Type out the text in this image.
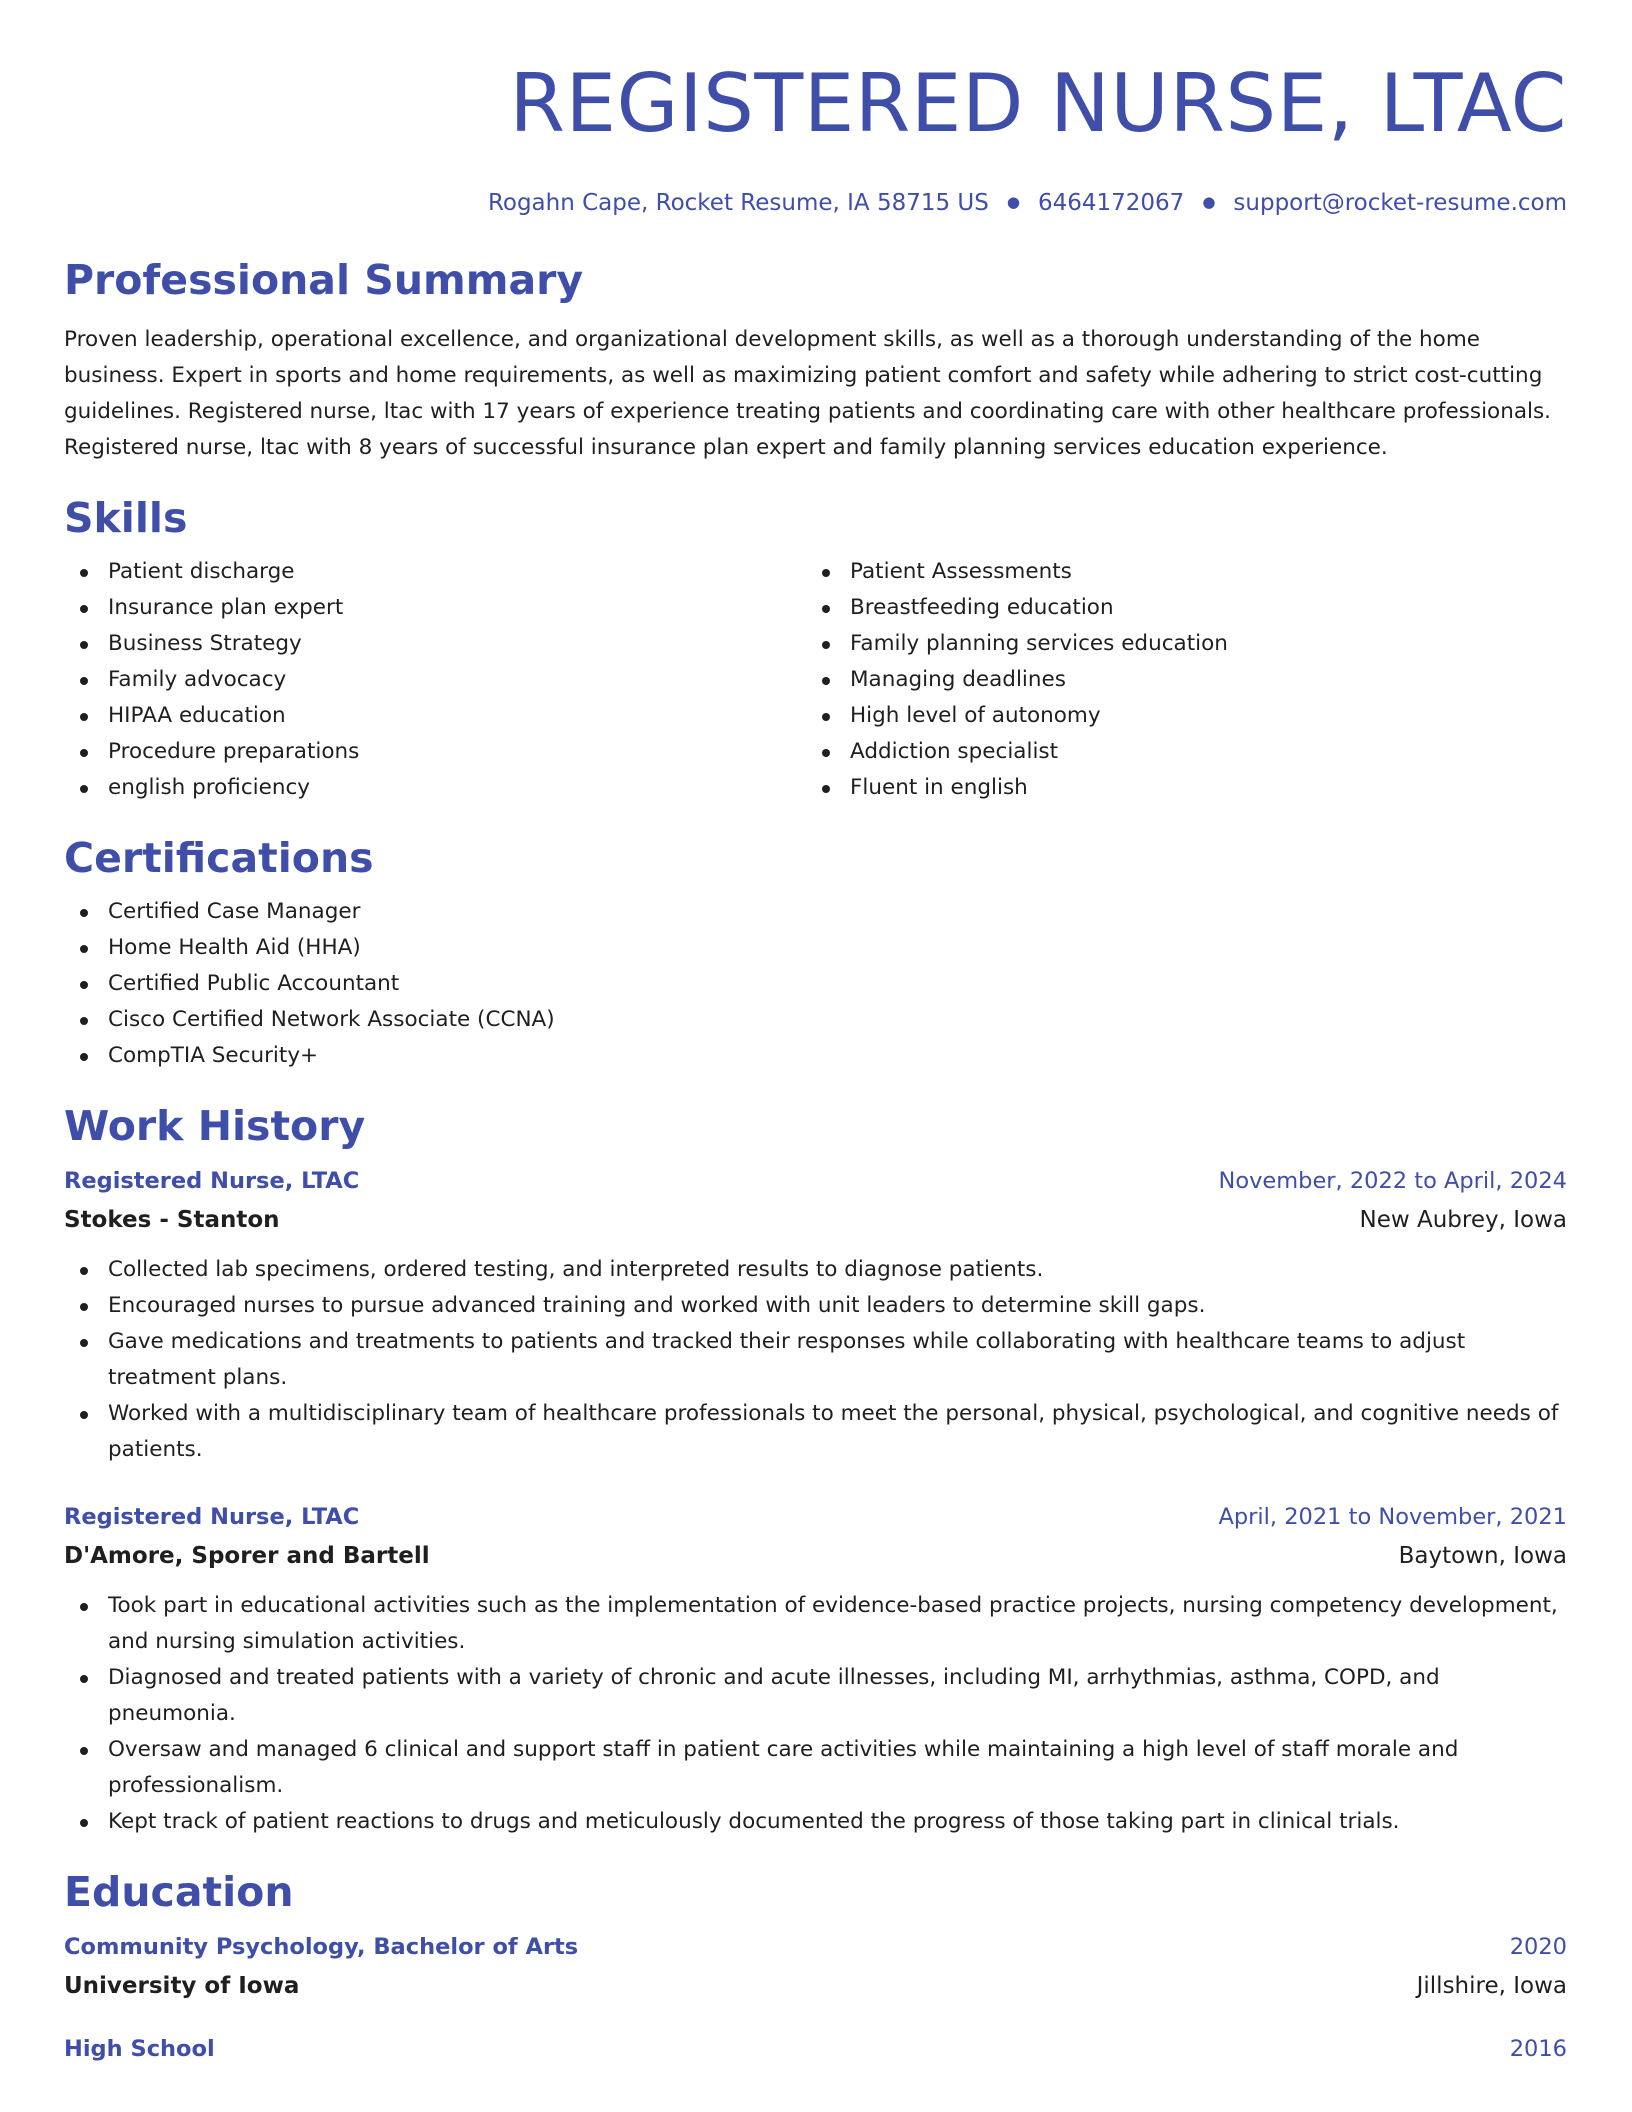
REGISTERED NURSE, LTAC
Rogahn Cape, Rocket Resume, IA 58715 US ● 6464172067 ● support@rocket-resume.com
Professional Summary
Proven leadership, operational excellence, and organizational development skills, as well as a thorough understanding of the home business. Expert in sports and home requirements, as well as maximizing patient comfort and safety while adhering to strict cost-cutting guidelines. Registered nurse, ltac with 17 years of experience treating patients and coordinating care with other healthcare professionals. Registered nurse, ltac with 8 years of successful insurance plan expert and family planning services education experience.
Skills
Patient discharge
Insurance plan expert
Business Strategy
Family advocacy
HIPAA education
Procedure preparations
english proficiency
Patient Assessments
Breastfeeding education
Family planning services education
Managing deadlines
High level of autonomy
Addiction specialist
Fluent in english
Certifications
Certified Case Manager
Home Health Aid (HHA)
Certified Public Accountant
Cisco Certified Network Associate (CCNA)
CompTIA Security+
Work History
Registered Nurse, LTAC	November, 2022 to April, 2024
Stokes - Stanton	New Aubrey, Iowa
Collected lab specimens, ordered testing, and interpreted results to diagnose patients.
Encouraged nurses to pursue advanced training and worked with unit leaders to determine skill gaps.
Gave medications and treatments to patients and tracked their responses while collaborating with healthcare teams to adjust treatment plans.
Worked with a multidisciplinary team of healthcare professionals to meet the personal, physical, psychological, and cognitive needs of patients.
Registered Nurse, LTAC	April, 2021 to November, 2021
D'Amore, Sporer and Bartell	Baytown, Iowa
Took part in educational activities such as the implementation of evidence-based practice projects, nursing competency development, and nursing simulation activities.
Diagnosed and treated patients with a variety of chronic and acute illnesses, including MI, arrhythmias, asthma, COPD, and pneumonia.
Oversaw and managed 6 clinical and support staff in patient care activities while maintaining a high level of staff morale and professionalism.
Kept track of patient reactions to drugs and meticulously documented the progress of those taking part in clinical trials.
Education
Community Psychology, Bachelor of Arts	2020
University of Iowa	Jillshire, Iowa
High School	2016
